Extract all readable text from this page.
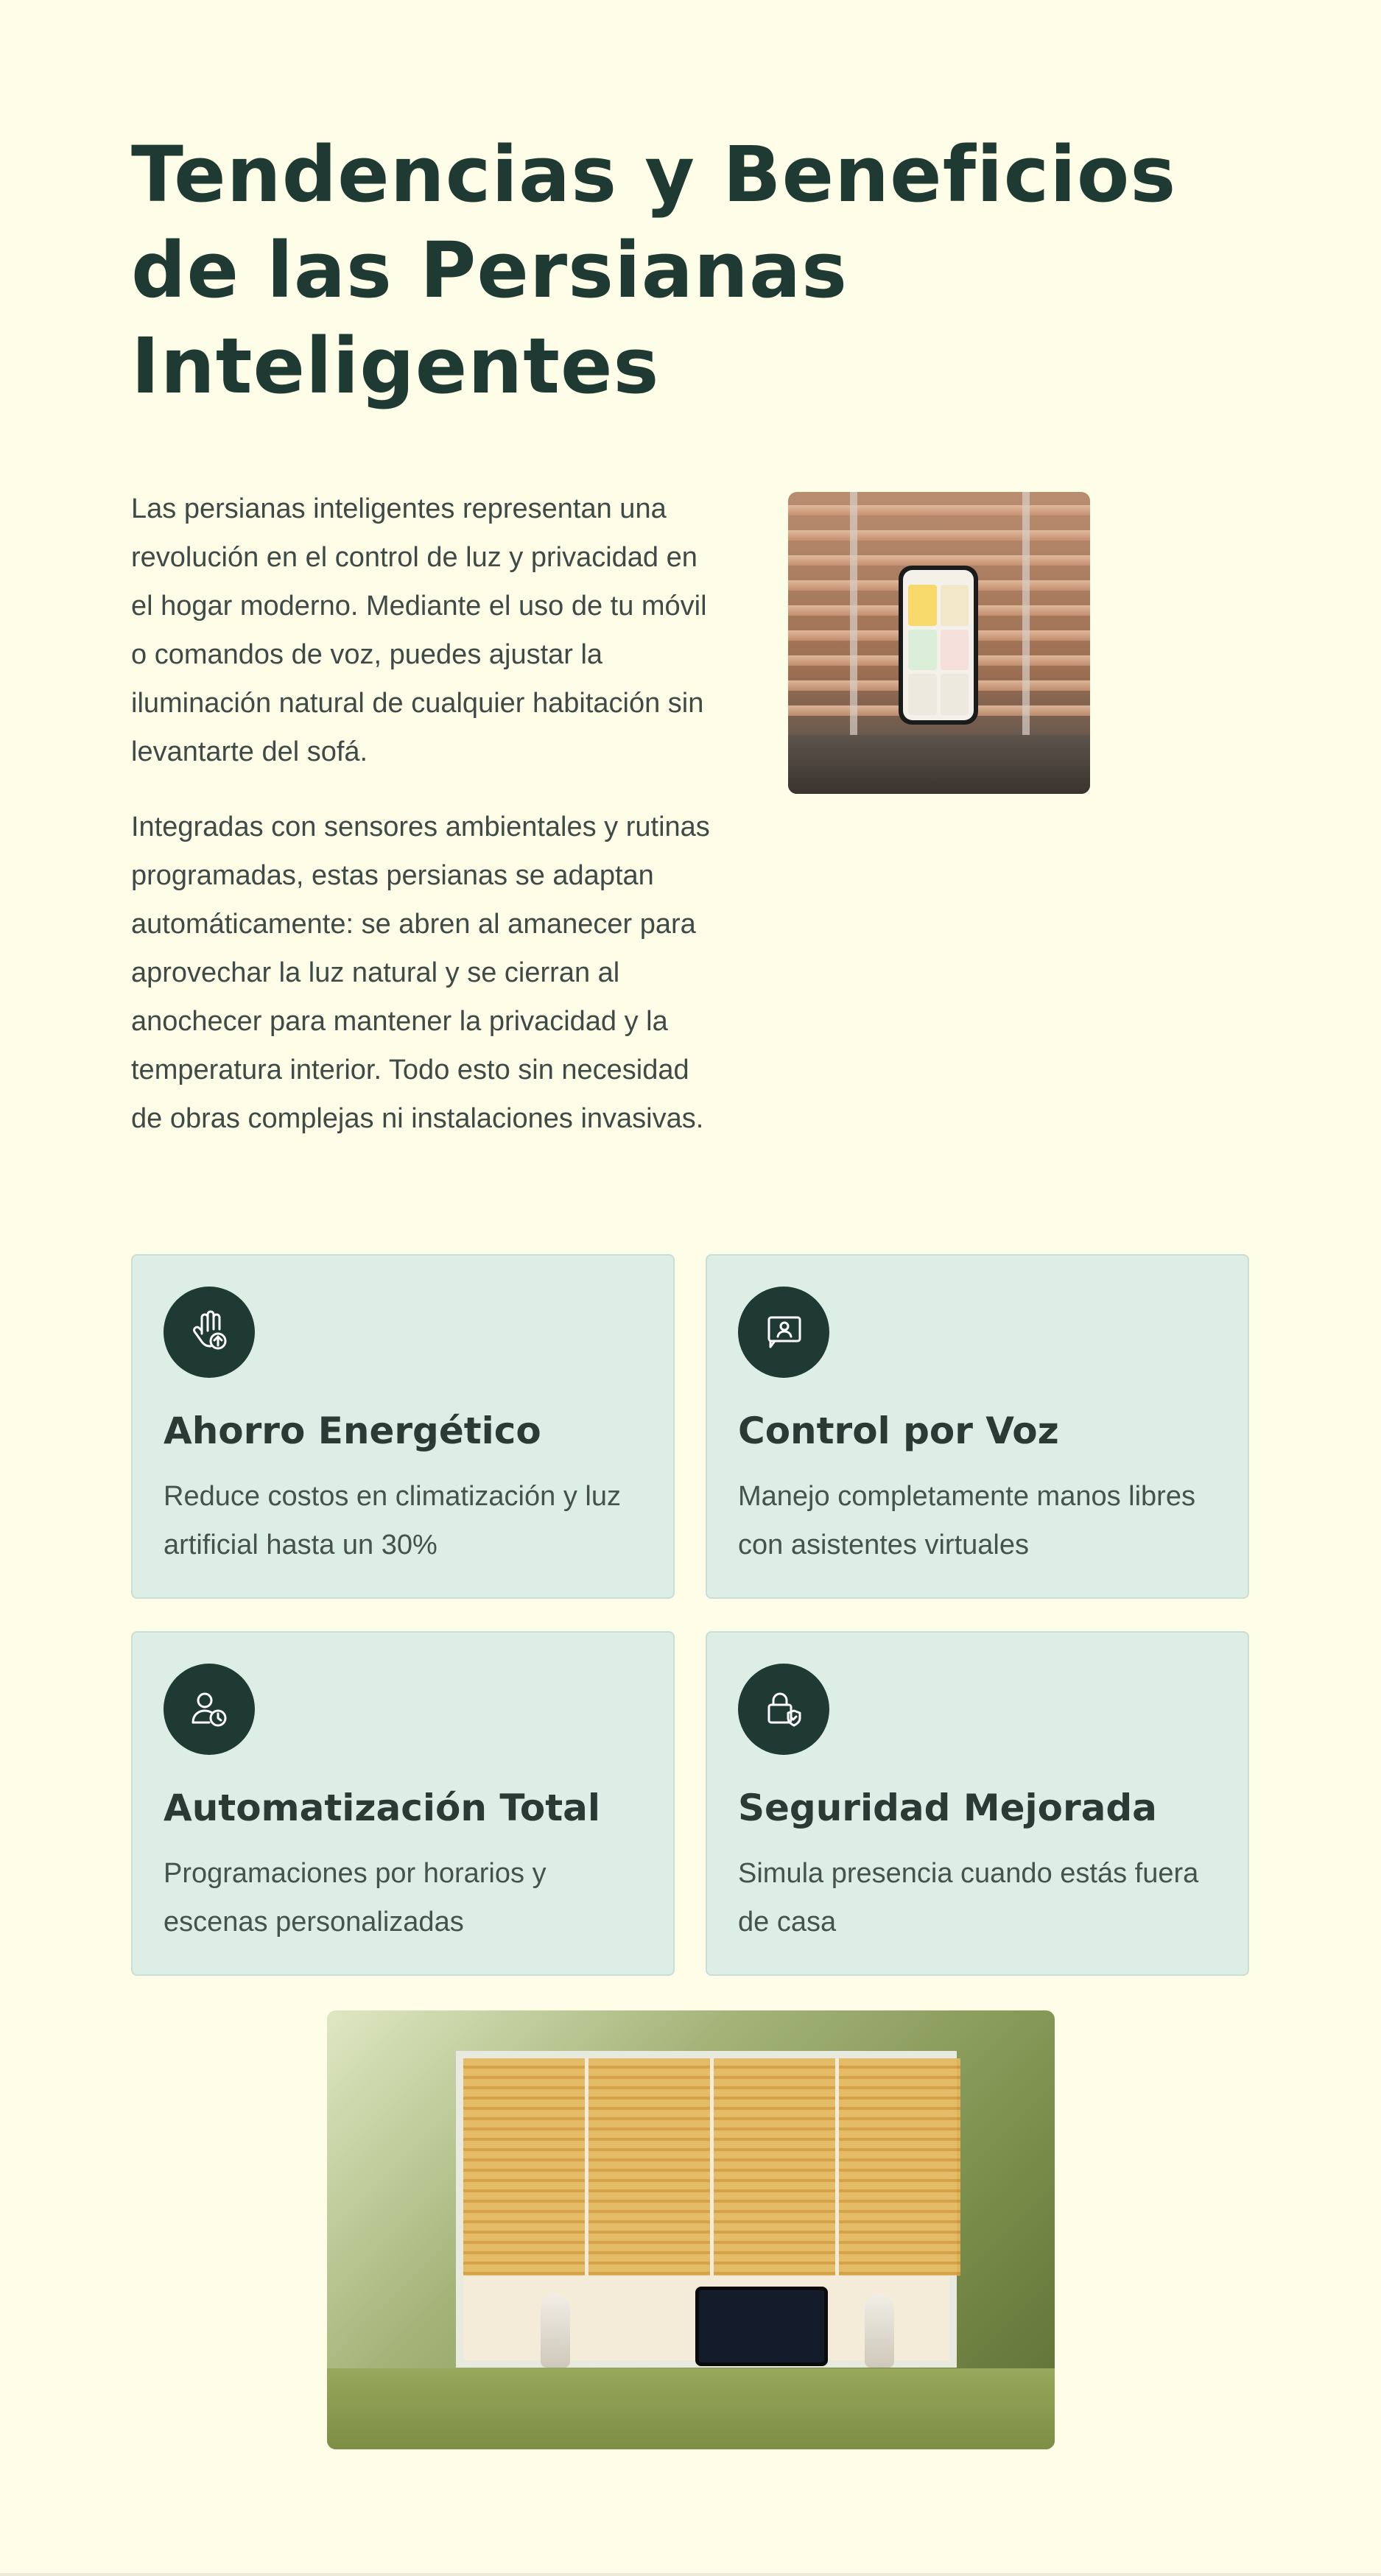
Tendencias y Beneficios de las Persianas Inteligentes

Las persianas inteligentes representan una revolución en el control de luz y privacidad en el hogar moderno. Mediante el uso de tu móvil o comandos de voz, puedes ajustar la iluminación natural de cualquier habitación sin levantarte del sofá.

Integradas con sensores ambientales y rutinas programadas, estas persianas se adaptan automáticamente: se abren al amanecer para aprovechar la luz natural y se cierran al anochecer para mantener la privacidad y la temperatura interior. Todo esto sin necesidad de obras complejas ni instalaciones invasivas.

Ahorro Energético

Reduce costos en climatización y luz artificial hasta un 30%

Control por Voz

Manejo completamente manos libres con asistentes virtuales

Automatización Total

Programaciones por horarios y escenas personalizadas

Seguridad Mejorada

Simula presencia cuando estás fuera de casa
